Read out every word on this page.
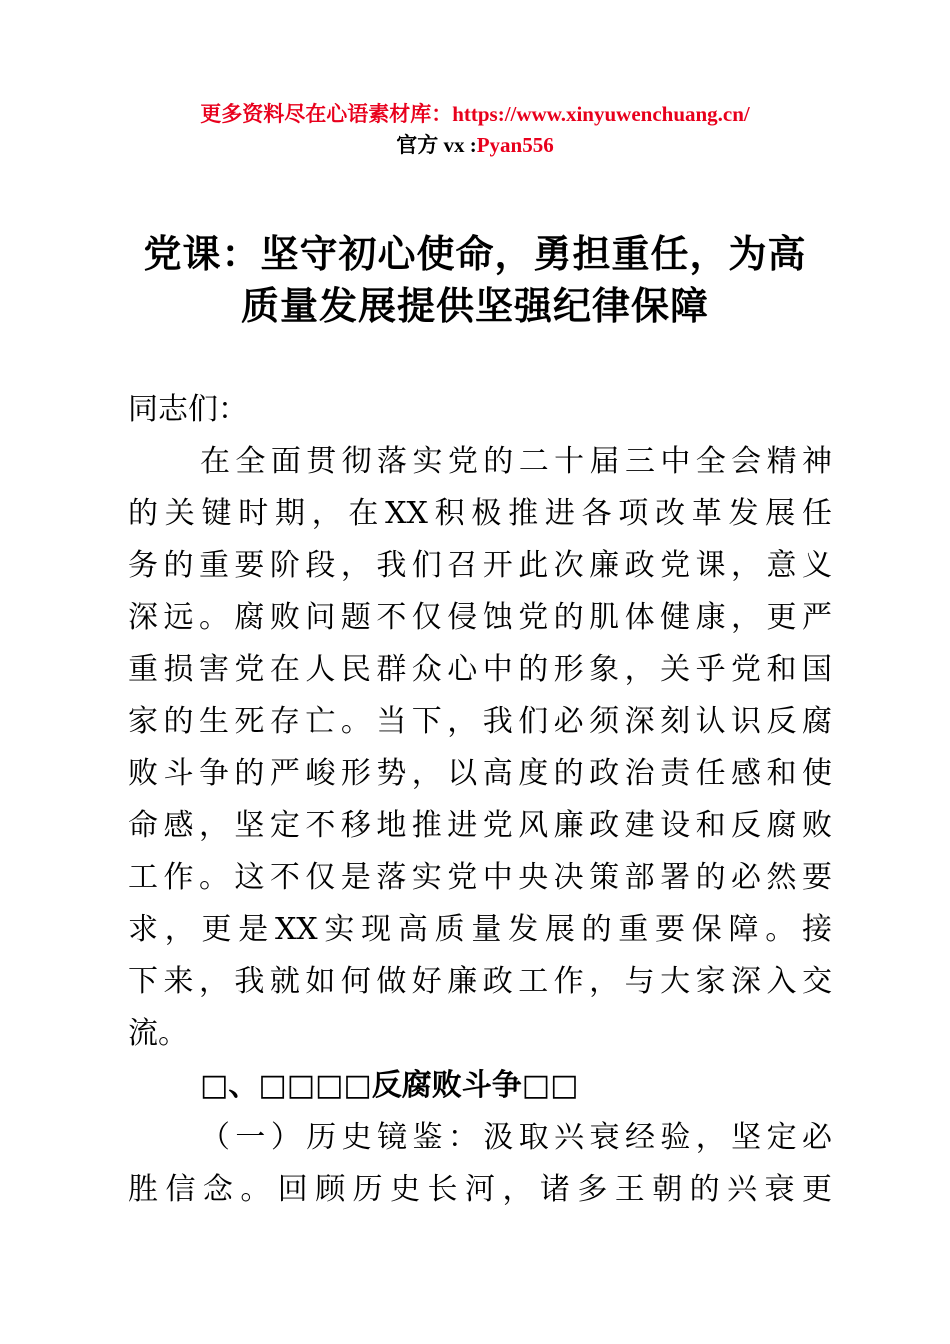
更多资料尽在心语素材库：https://www.xinyuwenchuang.cn/
官方 vx :Pyan556
党课：坚守初心使命，勇担重任，为高
质量发展提供坚强纪律保障
同志们：
在全面贯彻落实党的二十届三中全会精神
的关键时期，在XX积极推进各项改革发展任
务的重要阶段，我们召开此次廉政党课，意义
深远。腐败问题不仅侵蚀党的肌体健康，更严
重损害党在人民群众心中的形象，关乎党和国
家的生死存亡。当下，我们必须深刻认识反腐
败斗争的严峻形势，以高度的政治责任感和使
命感，坚定不移地推进党风廉政建设和反腐败
工作。这不仅是落实党中央决策部署的必然要
求，更是XX实现高质量发展的重要保障。接
下来，我就如何做好廉政工作，与大家深入交
流。
□、□□□□反腐败斗争□□
（一）历史镜鉴：汲取兴衰经验，坚定必
胜信念。回顾历史长河，诸多王朝的兴衰更
